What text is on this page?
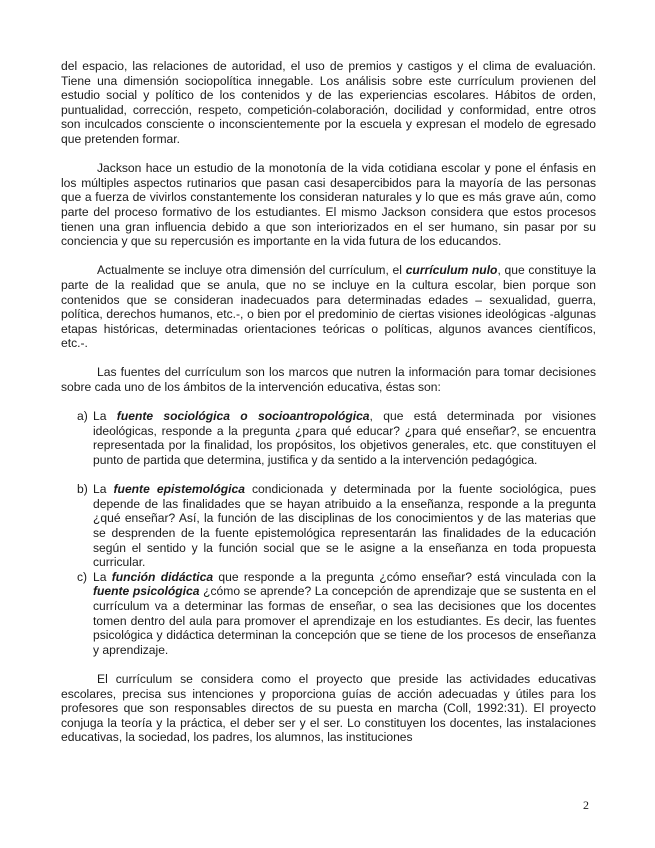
del espacio, las relaciones de autoridad, el uso de premios y castigos y el clima de evaluación. Tiene una dimensión sociopolítica innegable. Los análisis sobre este currículum provienen del estudio social y político de los contenidos y de las experiencias escolares. Hábitos de orden, puntualidad, corrección, respeto, competición-colaboración, docilidad y conformidad, entre otros son inculcados consciente o inconscientemente por la escuela y expresan el modelo de egresado que pretenden formar.

Jackson hace un estudio de la monotonía de la vida cotidiana escolar y pone el énfasis en los múltiples aspectos rutinarios que pasan casi desapercibidos para la mayoría de las personas que a fuerza de vivirlos constantemente los consideran naturales y lo que es más grave aún, como parte del proceso formativo de los estudiantes. El mismo Jackson considera que estos procesos tienen una gran influencia debido a que son interiorizados en el ser humano, sin pasar por su conciencia y que su repercusión es importante en la vida futura de los educandos.

Actualmente se incluye otra dimensión del currículum, el currículum nulo, que constituye la parte de la realidad que se anula, que no se incluye en la cultura escolar, bien porque son contenidos que se consideran inadecuados para determinadas edades – sexualidad, guerra, política, derechos humanos, etc.-, o bien por el predominio de ciertas visiones ideológicas -algunas etapas históricas, determinadas orientaciones teóricas o políticas, algunos avances científicos, etc.-.

Las fuentes del currículum son los marcos que nutren la información para tomar decisiones sobre cada uno de los ámbitos de la intervención educativa, éstas son:

a) La fuente sociológica o socioantropológica, que está determinada por visiones ideológicas, responde a la pregunta ¿para qué educar? ¿para qué enseñar?, se encuentra representada por la finalidad, los propósitos, los objetivos generales, etc. que constituyen el punto de partida que determina, justifica y da sentido a la intervención pedagógica.
b) La fuente epistemológica condicionada y determinada por la fuente sociológica, pues depende de las finalidades que se hayan atribuido a la enseñanza, responde a la pregunta ¿qué enseñar? Así, la función de las disciplinas de los conocimientos y de las materias que se desprenden de la fuente epistemológica representarán las finalidades de la educación según el sentido y la función social que se le asigne a la enseñanza en toda propuesta curricular.
c) La función didáctica que responde a la pregunta ¿cómo enseñar? está vinculada con la fuente psicológica ¿cómo se aprende? La concepción de aprendizaje que se sustenta en el currículum va a determinar las formas de enseñar, o sea las decisiones que los docentes tomen dentro del aula para promover el aprendizaje en los estudiantes. Es decir, las fuentes psicológica y didáctica determinan la concepción que se tiene de los procesos de enseñanza y aprendizaje.

El currículum se considera como el proyecto que preside las actividades educativas escolares, precisa sus intenciones y proporciona guías de acción adecuadas y útiles para los profesores que son responsables directos de su puesta en marcha (Coll, 1992:31). El proyecto conjuga la teoría y la práctica, el deber ser y el ser. Lo constituyen los docentes, las instalaciones educativas, la sociedad, los padres, los alumnos, las instituciones

2
